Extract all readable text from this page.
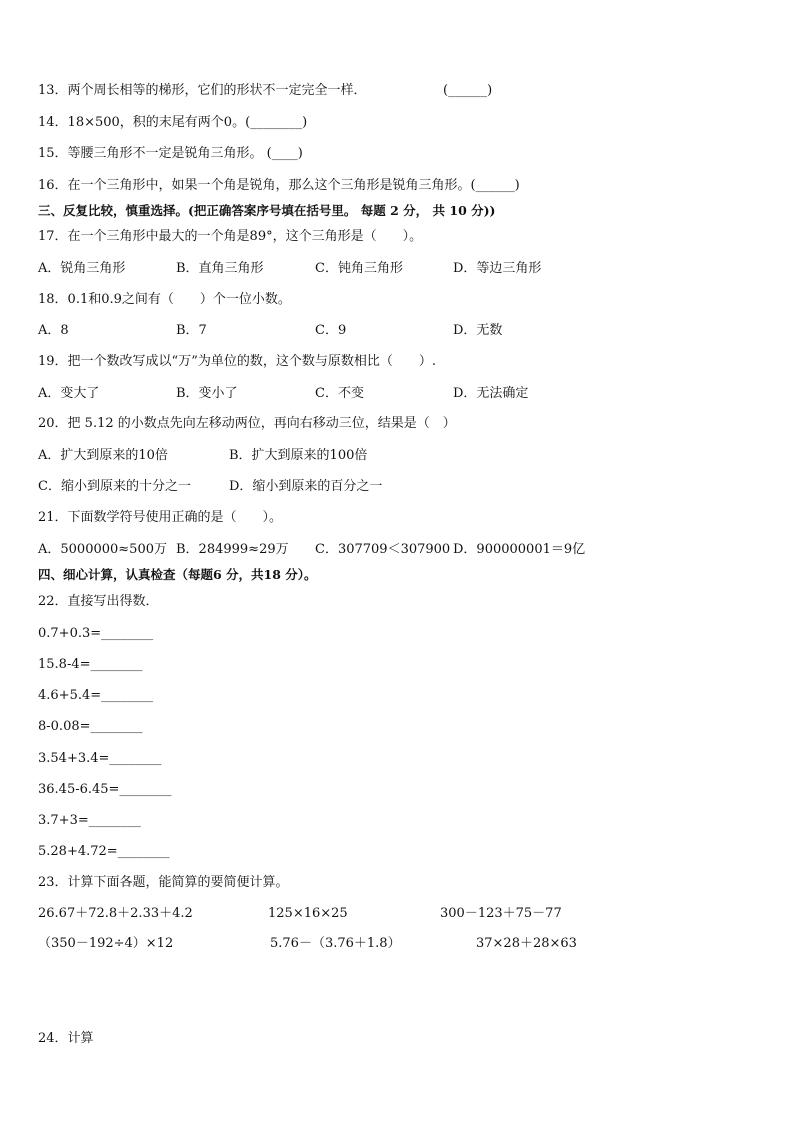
13．两个周长相等的梯形，它们的形状不一定完全一样．	(______)
14．18×500，积的末尾有两个0。(________)
15．等腰三角形不一定是锐角三角形。 (____)
16．在一个三角形中，如果一个角是锐角，那么这个三角形是锐角三角形。(______)
三、反复比较，慎重选择。(把正确答案序号填在括号里。 每题 2 分， 共 10 分))
17．在一个三角形中最大的一个角是89°，这个三角形是（　　）。
A．锐角三角形	B．直角三角形	C．钝角三角形	D．等边三角形
18．0.1和0.9之间有（　　）个一位小数。
A．8	B．7	C．9	D．无数
19．把一个数改写成以“万”为单位的数，这个数与原数相比（　　）.
A．变大了	B．变小了	C．不变	D．无法确定
20．把 5.12 的小数点先向左移动两位，再向右移动三位，结果是（　）
A．扩大到原来的10倍	B．扩大到原来的100倍
C．缩小到原来的十分之一	D．缩小到原来的百分之一
21．下面数学符号使用正确的是（　　）。
A．5000000≈500万 B．284999≈29万 C．307709＜307900 D．900000001＝9亿
四、细心计算，认真检查（每题6 分，共18 分）。
22．直接写出得数．
0.7+0.3=________
15.8-4=________
4.6+5.4=________
8-0.08=________
3.54+3.4=________
36.45-6.45=________
3.7+3=________
5.28+4.72=________
23．计算下面各题，能简算的要简便计算。
26.67＋72.8＋2.33＋4.2	125×16×25	300－123＋75－77
（350－192÷4）×12	5.76－（3.76＋1.8）	37×28＋28×63
24．计算
